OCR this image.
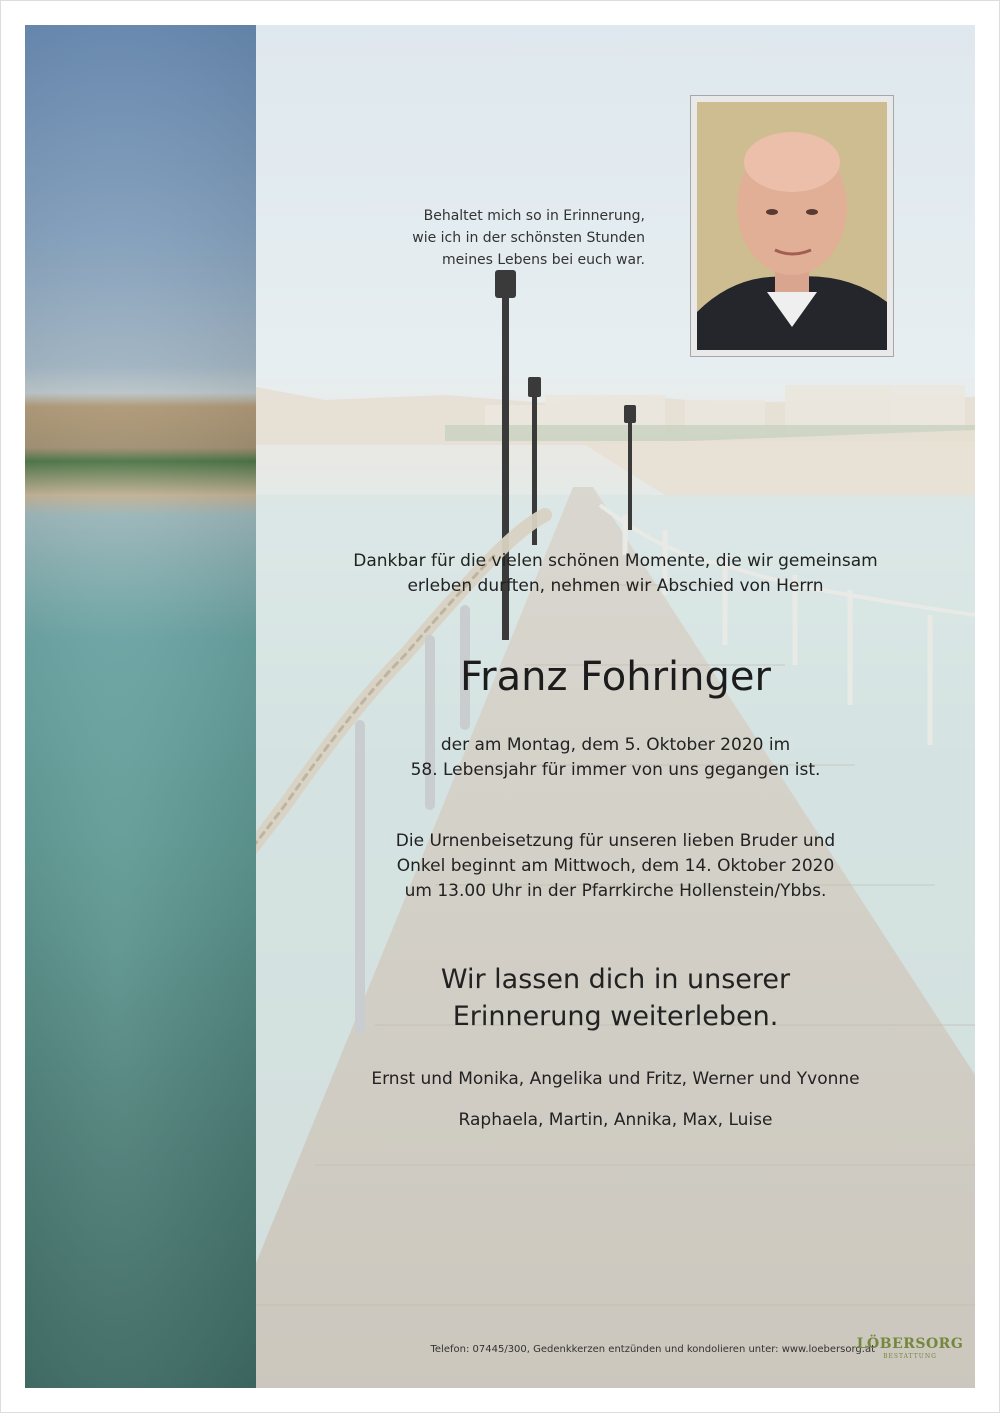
Behaltet mich so in Erinnerung,
wie ich in der schönsten Stunden
meines Lebens bei euch war.
Dankbar für die vielen schönen Momente, die wir gemeinsam
erleben durften, nehmen wir Abschied von Herrn
Franz Fohringer
der am Montag, dem 5. Oktober 2020 im
58. Lebensjahr für immer von uns gegangen ist.
Die Urnenbeisetzung für unseren lieben Bruder und
Onkel beginnt am Mittwoch, dem 14. Oktober 2020
um 13.00 Uhr in der Pfarrkirche Hollenstein/Ybbs.
Wir lassen dich in unserer
Erinnerung weiterleben.
Ernst und Monika, Angelika und Fritz, Werner und Yvonne
Raphaela, Martin, Annika, Max, Luise
Telefon: 07445/300, Gedenkkerzen entzünden und kondolieren unter: www.loebersorg.at
LÖBERSORG
BESTATTUNG
